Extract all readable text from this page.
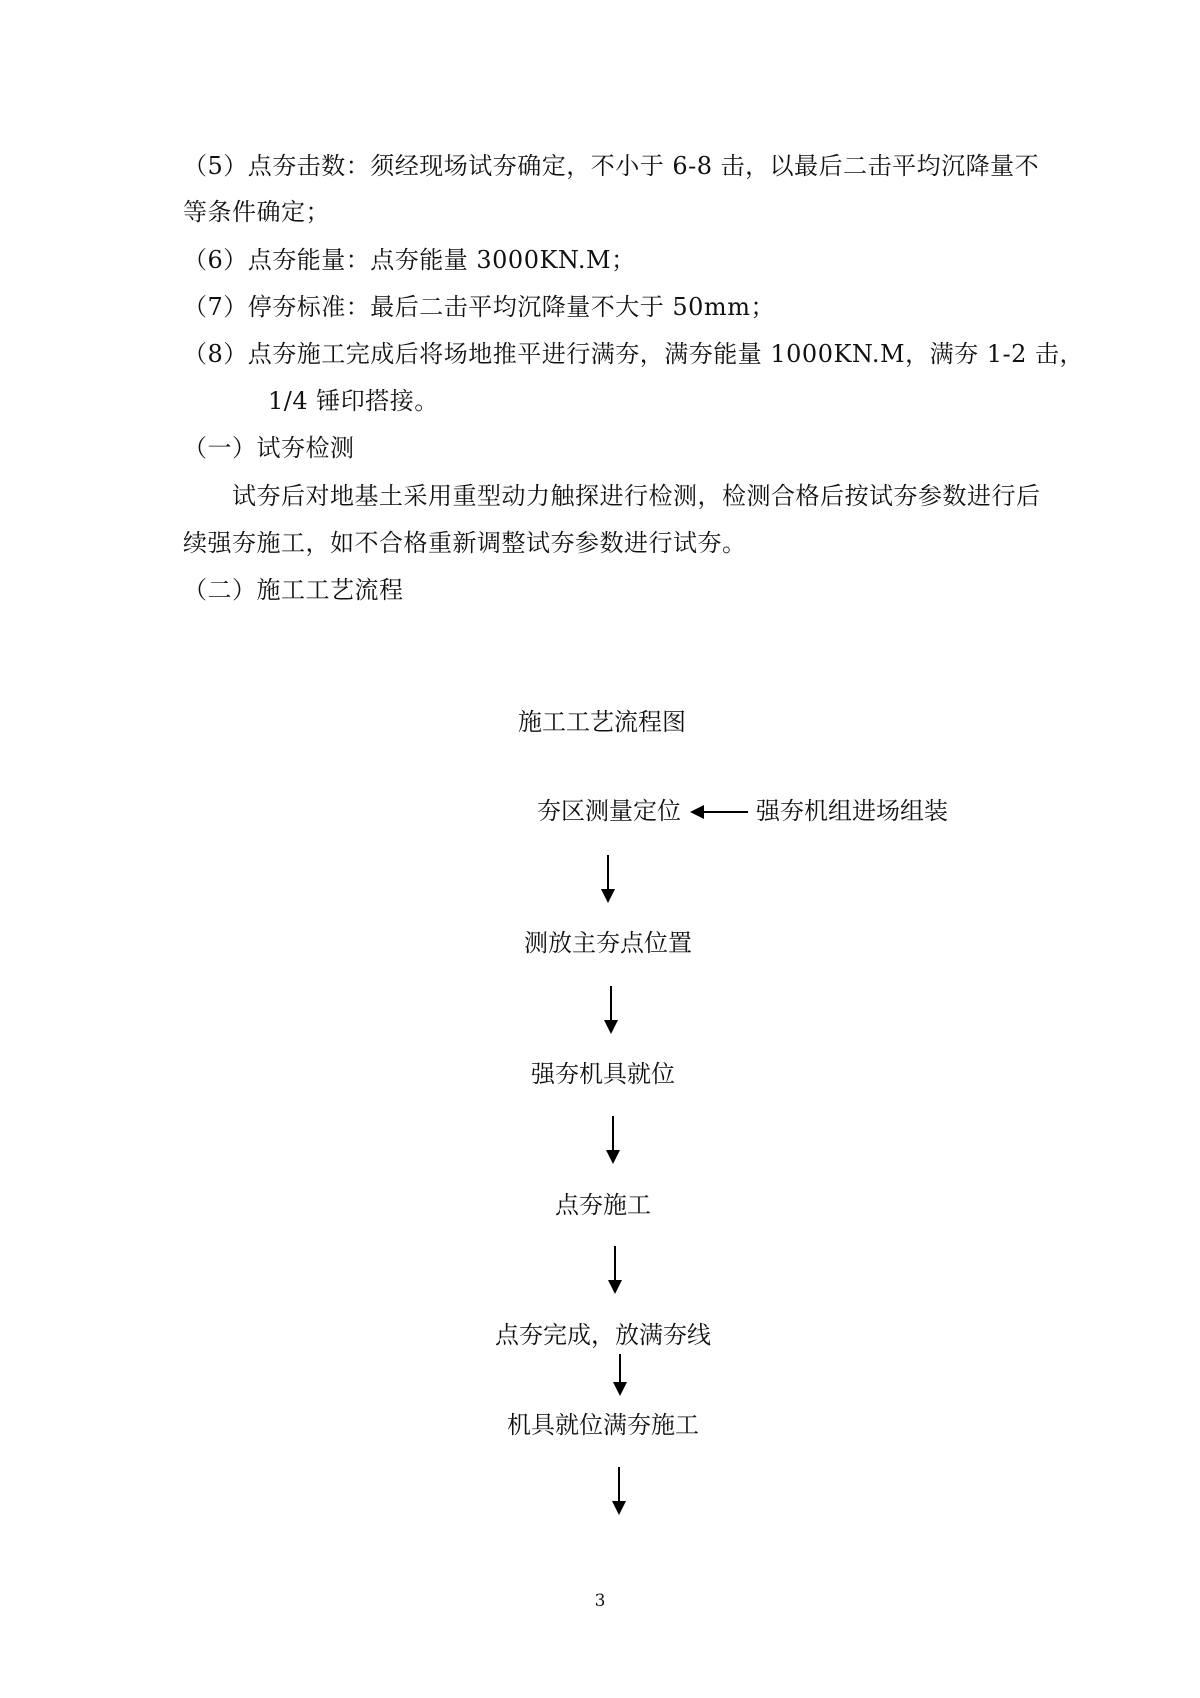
（5）点夯击数：须经现场试夯确定，不小于 6-8 击，以最后二击平均沉降量不
等条件确定；
（6）点夯能量：点夯能量 3000KN.M；
（7）停夯标准：最后二击平均沉降量不大于 50mm；
（8）点夯施工完成后将场地推平进行满夯，满夯能量 1000KN.M，满夯 1-2 击，
1/4 锤印搭接。
（一）试夯检测
试夯后对地基土采用重型动力触探进行检测，检测合格后按试夯参数进行后
续强夯施工，如不合格重新调整试夯参数进行试夯。
（二）施工工艺流程
施工工艺流程图
夯区测量定位	强夯机组进场组装
测放主夯点位置
强夯机具就位
点夯施工
点夯完成，放满夯线
机具就位满夯施工
3
